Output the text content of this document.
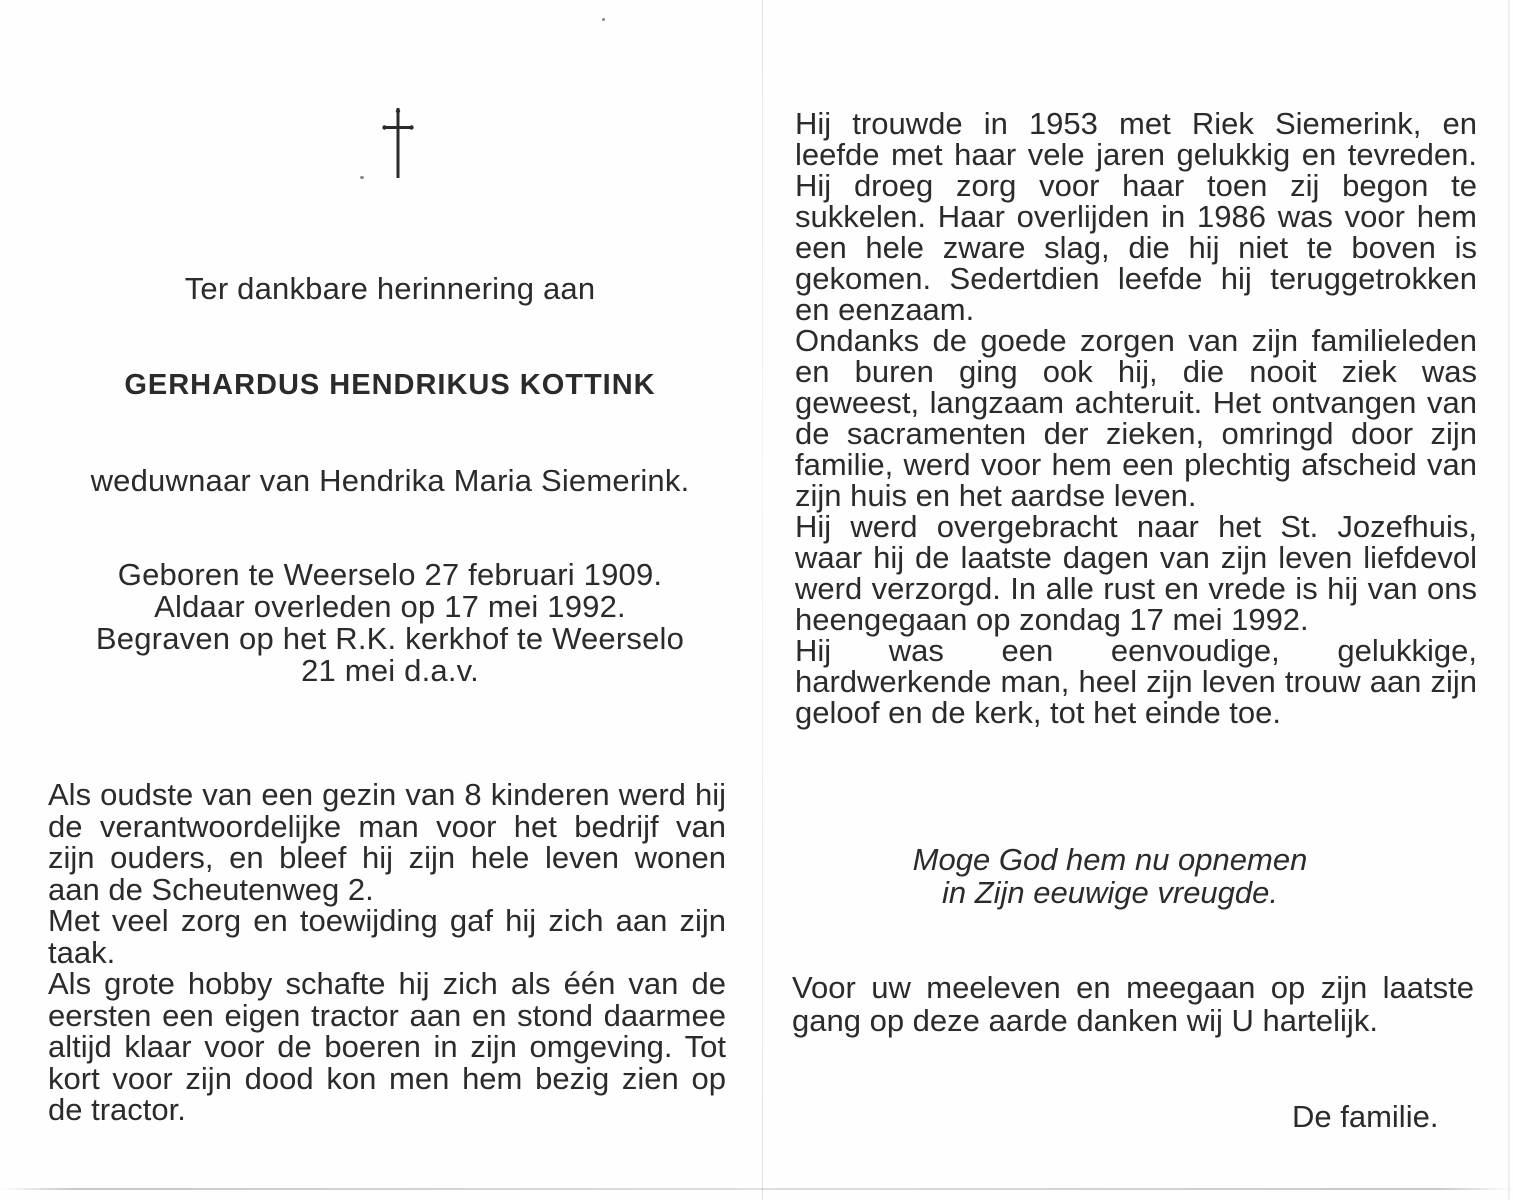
Ter dankbare herinnering aan
GERHARDUS HENDRIKUS KOTTINK
weduwnaar van Hendrika Maria Siemerink.
Geboren te Weerselo 27 februari 1909.
Aldaar overleden op 17 mei 1992.
Begraven op het R.K. kerkhof te Weerselo
21 mei d.a.v.

Als oudste van een gezin van 8 kinderen werd hij de verantwoordelijke man voor het bedrijf van zijn ouders, en bleef hij zijn hele leven wonen aan de Scheutenweg 2.

Met veel zorg en toewijding gaf hij zich aan zijn taak.

Als grote hobby schafte hij zich als één van de eersten een eigen tractor aan en stond daarmee altijd klaar voor de boeren in zijn omgeving. Tot kort voor zijn dood kon men hem bezig zien op de tractor.

Hij trouwde in 1953 met Riek Siemerink, en leefde met haar vele jaren gelukkig en tevreden. Hij droeg zorg voor haar toen zij begon te sukkelen. Haar overlijden in 1986 was voor hem een hele zware slag, die hij niet te boven is gekomen. Sedertdien leefde hij teruggetrokken en eenzaam.

Ondanks de goede zorgen van zijn familieleden en buren ging ook hij, die nooit ziek was geweest, langzaam achteruit. Het ontvangen van de sacramenten der zieken, omringd door zijn familie, werd voor hem een plechtig afscheid van zijn huis en het aardse leven.

Hij werd overgebracht naar het St. Jozefhuis, waar hij de laatste dagen van zijn leven liefdevol werd verzorgd. In alle rust en vrede is hij van ons heengegaan op zondag 17 mei 1992.

Hij was een eenvoudige, gelukkige, hardwerkende man, heel zijn leven trouw aan zijn geloof en de kerk, tot het einde toe.

Moge God hem nu opnemen
in Zijn eeuwige vreugde.
Voor uw meeleven en meegaan op zijn laatste gang op deze aarde danken wij U hartelijk.
De familie.
